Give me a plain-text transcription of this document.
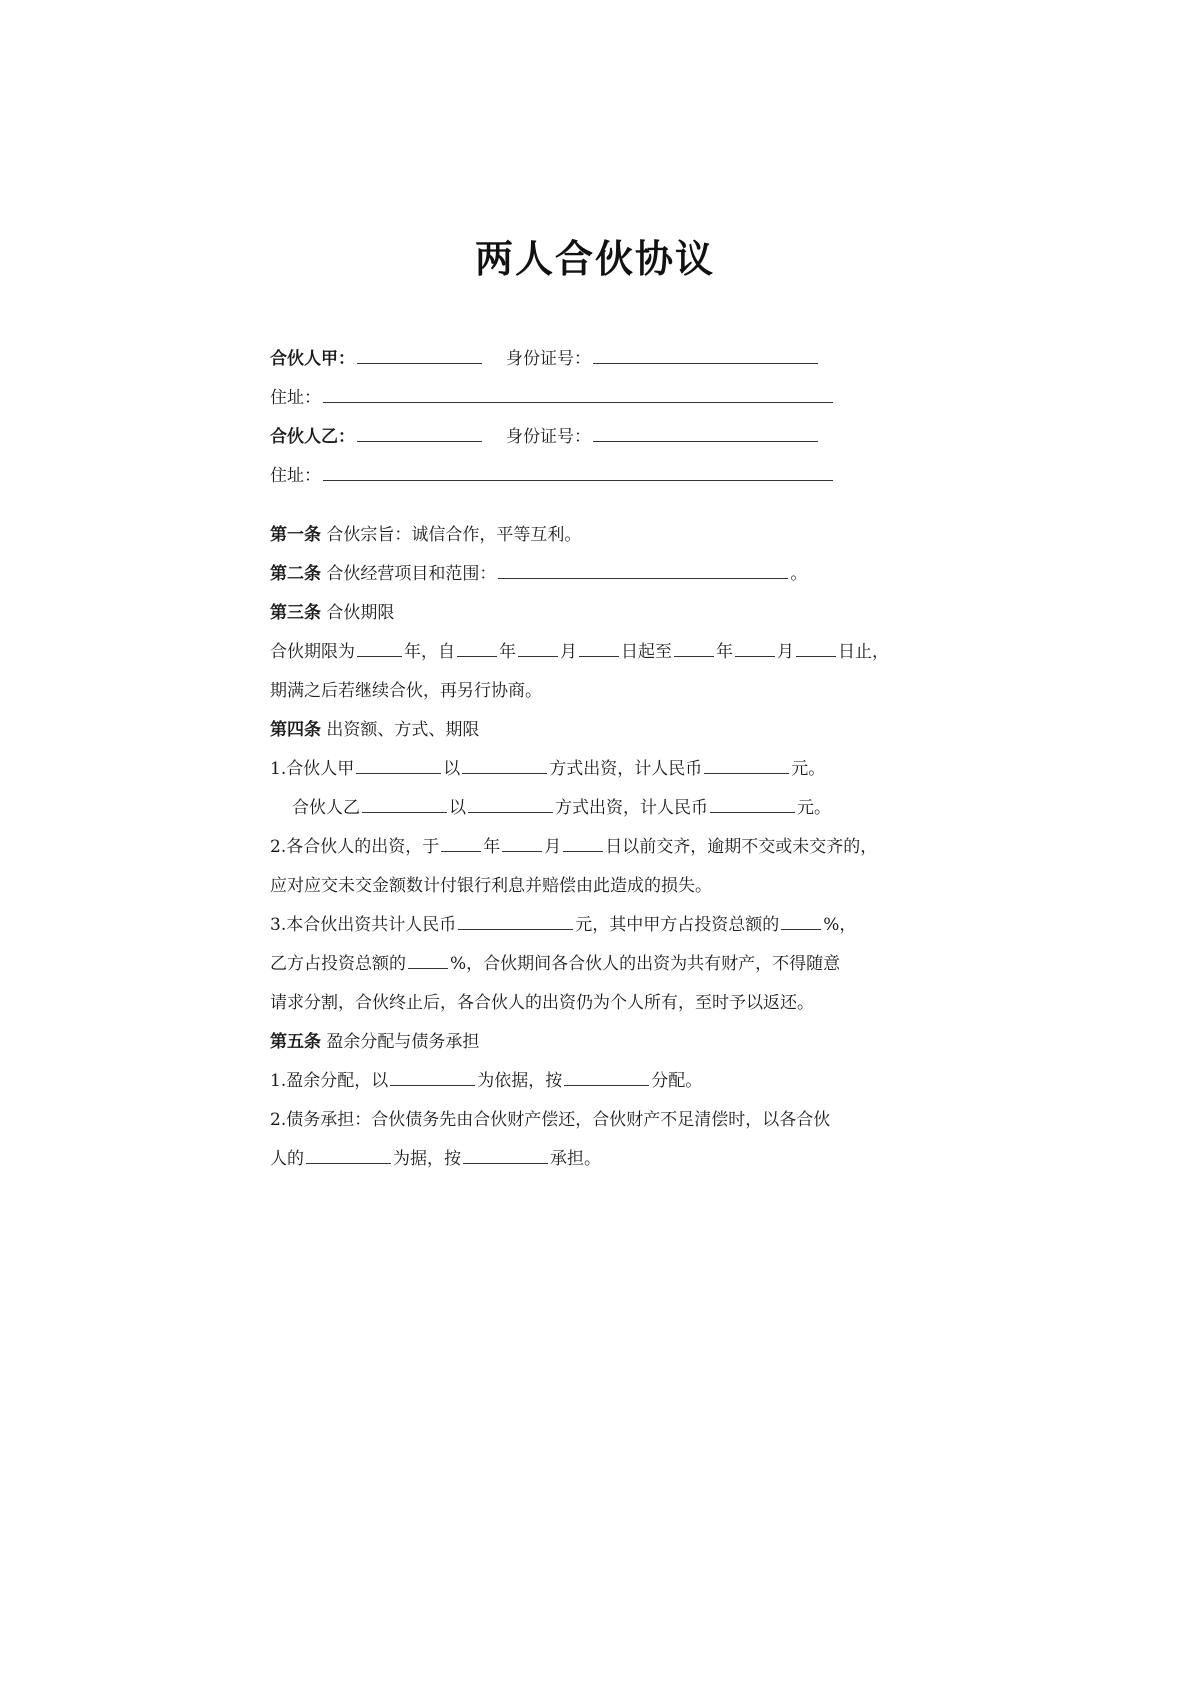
两人合伙协议
合伙人甲：	身份证号：
住址：
合伙人乙：	身份证号：
住址：
第一条 合伙宗旨：诚信合作，平等互利。
第二条 合伙经营项目和范围：	。
第三条 合伙期限
合伙期限为	年，自	年	月	日起至	年	月	日止，
期满之后若继续合伙，再另行协商。
第四条 出资额、方式、期限
1.合伙人甲	以	方式出资，计人民币	元。
合伙人乙	以	方式出资，计人民币	元。
2.各合伙人的出资，于	年	月	日以前交齐，逾期不交或未交齐的，
应对应交未交金额数计付银行利息并赔偿由此造成的损失。
3.本合伙出资共计人民币	元，其中甲方占投资总额的	%，
乙方占投资总额的	%，合伙期间各合伙人的出资为共有财产，不得随意
请求分割，合伙终止后，各合伙人的出资仍为个人所有，至时予以返还。
第五条 盈余分配与债务承担
1.盈余分配，以	为依据，按	分配。
2.债务承担：合伙债务先由合伙财产偿还，合伙财产不足清偿时，以各合伙
人的	为据，按	承担。
